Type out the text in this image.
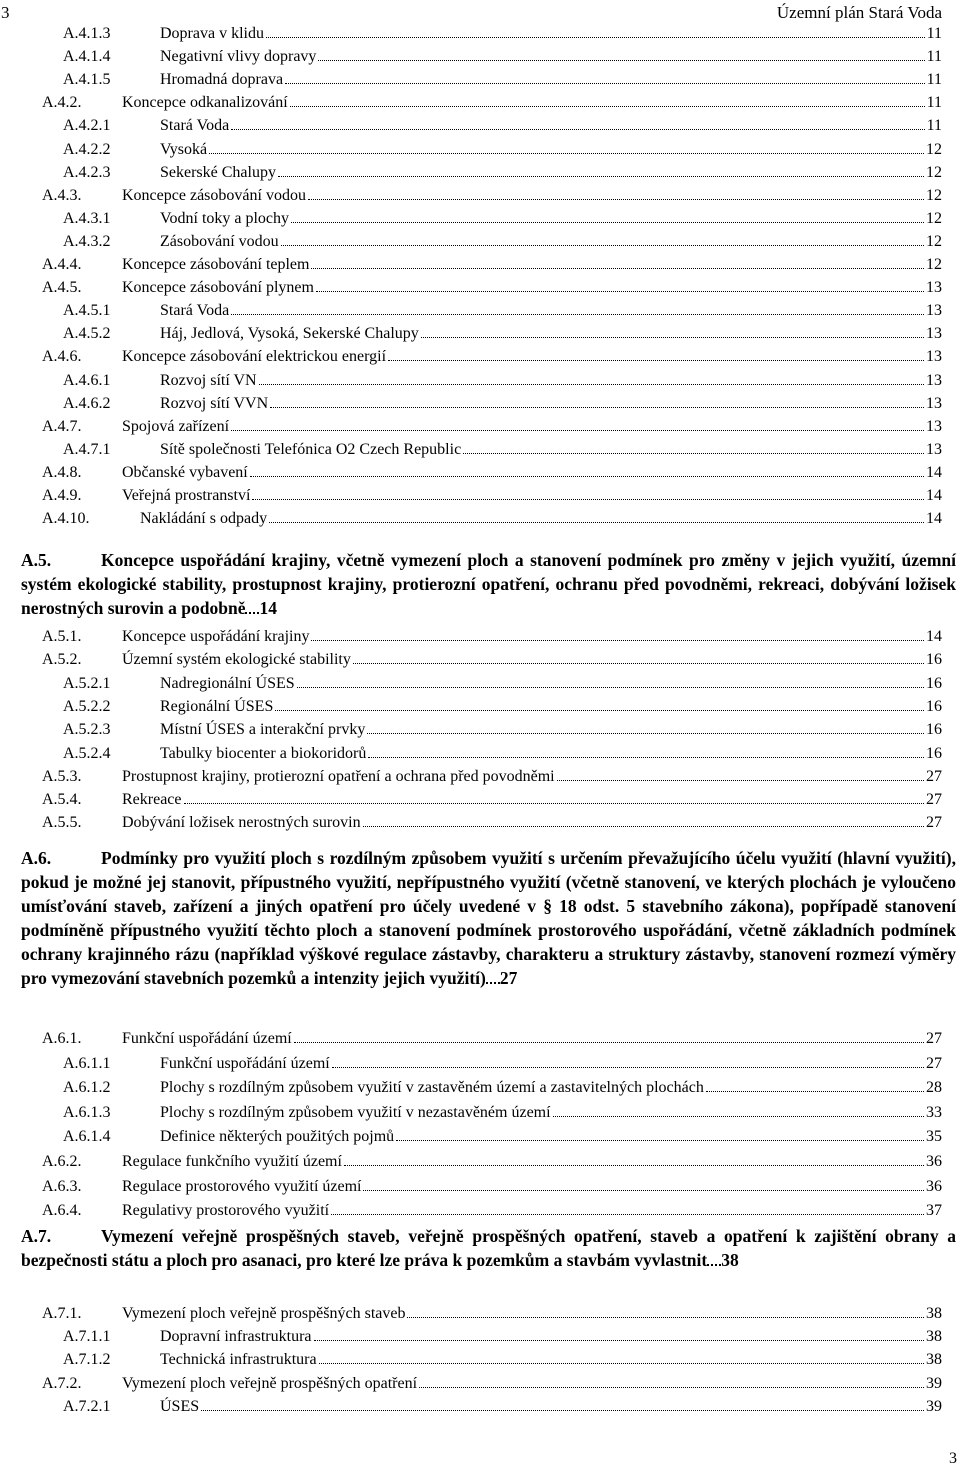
3	Územní plán Stará Voda
A.4.1.3	Doprava v klidu	11
A.4.1.4	Negativní vlivy dopravy	11
A.4.1.5	Hromadná doprava	11
A.4.2.	Koncepce odkanalizování	11
A.4.2.1	Stará Voda	11
A.4.2.2	Vysoká	12
A.4.2.3	Sekerské Chalupy	12
A.4.3.	Koncepce zásobování vodou	12
A.4.3.1	Vodní toky a plochy	12
A.4.3.2	Zásobování vodou	12
A.4.4.	Koncepce zásobování teplem	12
A.4.5.	Koncepce zásobování plynem	13
A.4.5.1	Stará Voda	13
A.4.5.2	Háj, Jedlová, Vysoká, Sekerské Chalupy	13
A.4.6.	Koncepce zásobování elektrickou energií	13
A.4.6.1	Rozvoj sítí VN	13
A.4.6.2	Rozvoj sítí VVN	13
A.4.7.	Spojová zařízení	13
A.4.7.1	Sítě společnosti Telefónica O2 Czech Republic	13
A.4.8.	Občanské vybavení	14
A.4.9.	Veřejná prostranství	14
A.4.10.	Nakládání s odpady	14
A.5.1.	Koncepce uspořádání krajiny	14
A.5.2.	Územní systém ekologické stability	16
A.5.2.1	Nadregionální ÚSES	16
A.5.2.2	Regionální ÚSES	16
A.5.2.3	Místní ÚSES a interakční prvky	16
A.5.2.4	Tabulky biocenter a biokoridorů	16
A.5.3.	Prostupnost krajiny, protierozní opatření a ochrana před povodněmi	27
A.5.4.	Rekreace	27
A.5.5.	Dobývání ložisek nerostných surovin	27
A.6.1.	Funkční uspořádání území	27
A.6.1.1	Funkční uspořádání území	27
A.6.1.2	Plochy s rozdílným způsobem využití v zastavěném území a zastavitelných plochách	28
A.6.1.3	Plochy s rozdílným způsobem využití v nezastavěném území	33
A.6.1.4	Definice některých použitých pojmů	35
A.6.2.	Regulace funkčního využití území	36
A.6.3.	Regulace prostorového využití území	36
A.6.4.	Regulativy prostorového využití	37
A.7.1.	Vymezení ploch veřejně prospěšných staveb	38
A.7.1.1	Dopravní infrastruktura	38
A.7.1.2	Technická infrastruktura	38
A.7.2.	Vymezení ploch veřejně prospěšných opatření	39
A.7.2.1	ÚSES	39
A.5.	Koncepce uspořádání krajiny, včetně vymezení ploch a stanovení podmínek pro změny v jejich využití, územní systém ekologické stability, prostupnost krajiny, protierozní opatření, ochranu před povodněmi, rekreaci, dobývání ložisek nerostných surovin a podobně 14
A.6.	Podmínky pro využití ploch s rozdílným způsobem využití s určením převažujícího účelu využití (hlavní využití), pokud je možné jej stanovit, přípustného využití, nepřípustného využití (včetně stanovení, ve kterých plochách je vyloučeno umísťování staveb, zařízení a jiných opatření pro účely uvedené v § 18 odst. 5 stavebního zákona), popřípadě stanovení podmíněně přípustného využití těchto ploch a stanovení podmínek prostorového uspořádání, včetně základních podmínek ochrany krajinného rázu (například výškové regulace zástavby, charakteru a struktury zástavby, stanovení rozmezí výměry pro vymezování stavebních pozemků a intenzity jejich využití) 27
A.7.	Vymezení veřejně prospěšných staveb, veřejně prospěšných opatření, staveb a opatření k zajištění obrany a bezpečnosti státu a ploch pro asanaci, pro které lze práva k pozemkům a stavbám vyvlastnit 38
3
